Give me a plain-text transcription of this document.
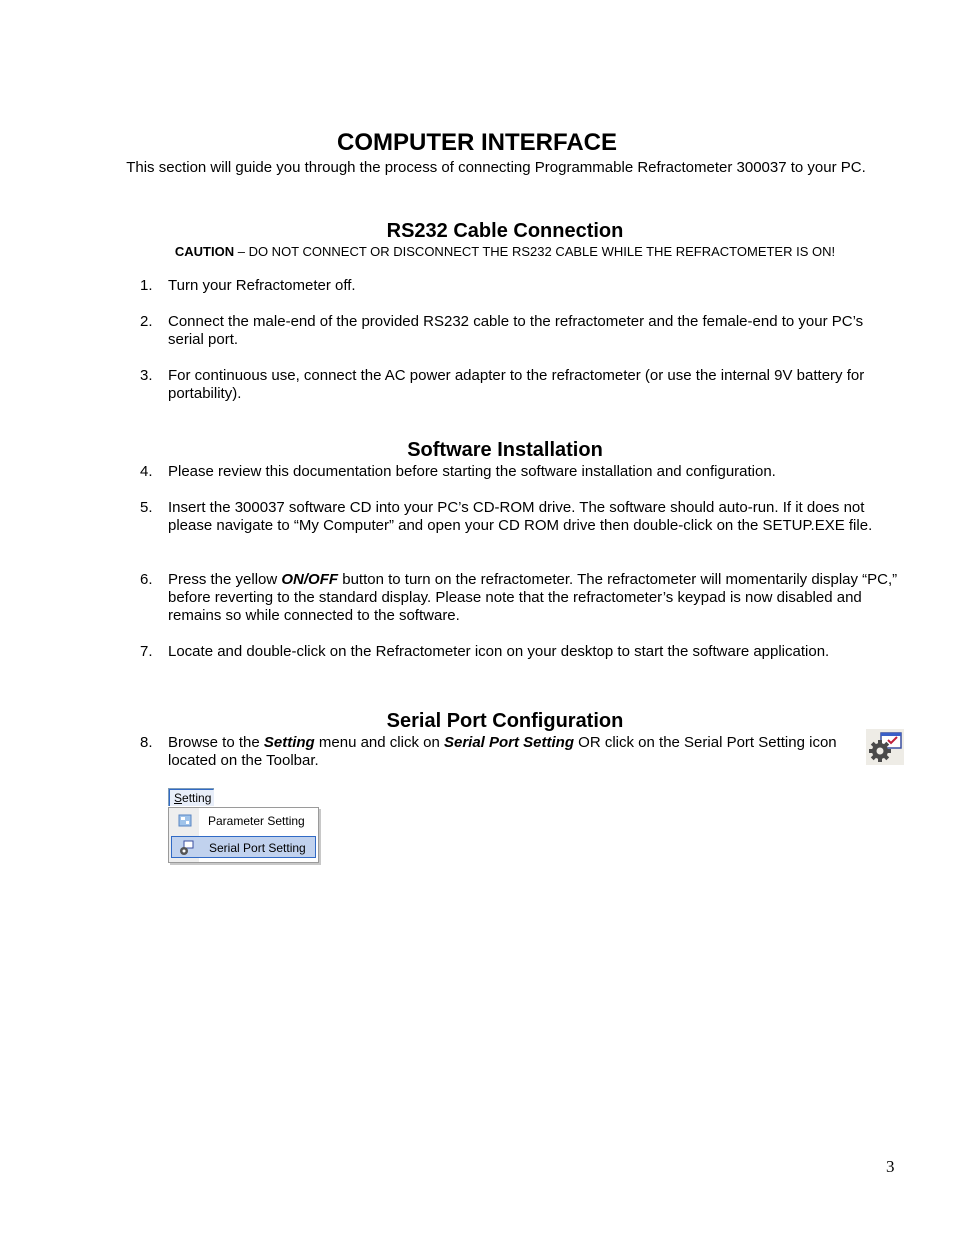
COMPUTER INTERFACE
This section will guide you through the process of connecting Programmable Refractometer 300037 to your PC.
RS232 Cable Connection
CAUTION – DO NOT CONNECT OR DISCONNECT THE RS232 CABLE WHILE THE REFRACTOMETER IS ON!
1.	Turn your Refractometer off.
2.	Connect the male-end of the provided RS232 cable to the refractometer and the female-end to your PC’s serial port.
3.	For continuous use, connect the AC power adapter to the refractometer (or use the internal 9V battery for portability).
Software Installation
4.	Please review this documentation before starting the software installation and configuration.
5.	Insert the 300037 software CD into your PC’s CD-ROM drive. The software should auto-run. If it does not please navigate to “My Computer” and open your CD ROM drive then double-click on the SETUP.EXE file.
6.	Press the yellow ON/OFF button to turn on the refractometer. The refractometer will momentarily display “PC,” before reverting to the standard display. Please note that the refractometer’s keypad is now disabled and remains so while connected to the software.
7.	Locate and double-click on the Refractometer icon on your desktop to start the software application.
Serial Port Configuration
8.	Browse to the Setting menu and click on Serial Port Setting OR click on the Serial Port Setting icon located on the Toolbar.
Setting
Parameter Setting
Serial Port Setting
3
